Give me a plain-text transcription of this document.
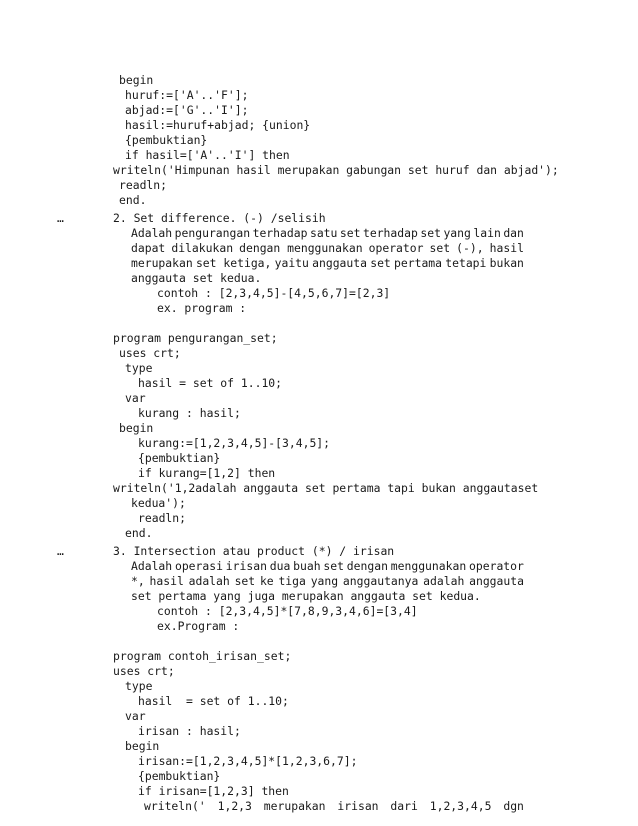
begin
huruf:=['A'..'F'];
abjad:=['G'..'I'];
hasil:=huruf+abjad; {union}
{pembuktian}
if hasil=['A'..'I'] then
writeln('Himpunan hasil merupakan gabungan set huruf dan abjad');
readln;
end.
…	2. Set difference. (-) /selisih
Adalah pengurangan terhadap satu set terhadap set yang lain dan
dapat dilakukan dengan menggunakan operator set (-), hasil
merupakan set ketiga, yaitu anggauta set pertama tetapi bukan
anggauta set kedua.
contoh : [2,3,4,5]-[4,5,6,7]=[2,3]
ex. program :
program pengurangan_set;
uses crt;
type
hasil = set of 1..10;
var
kurang : hasil;
begin
kurang:=[1,2,3,4,5]-[3,4,5];
{pembuktian}
if kurang=[1,2] then
writeln('1,2 adalah anggauta set pertama tapi bukan anggauta set
kedua');
readln;
end.
…	3. Intersection atau product (*) / irisan
Adalah operasi irisan dua buah set dengan menggunakan operator
*, hasil adalah set ke tiga yang anggautanya adalah anggauta
set pertama yang juga merupakan anggauta set kedua.
contoh : [2,3,4,5]*[7,8,9,3,4,6]=[3,4]
ex.Program :
program contoh_irisan_set;
uses crt;
type
hasil  = set of 1..10;
var
irisan : hasil;
begin
irisan:=[1,2,3,4,5]*[1,2,3,6,7];
{pembuktian}
if irisan=[1,2,3] then
writeln(' 1,2,3 merupakan irisan dari 1,2,3,4,5 dgn
